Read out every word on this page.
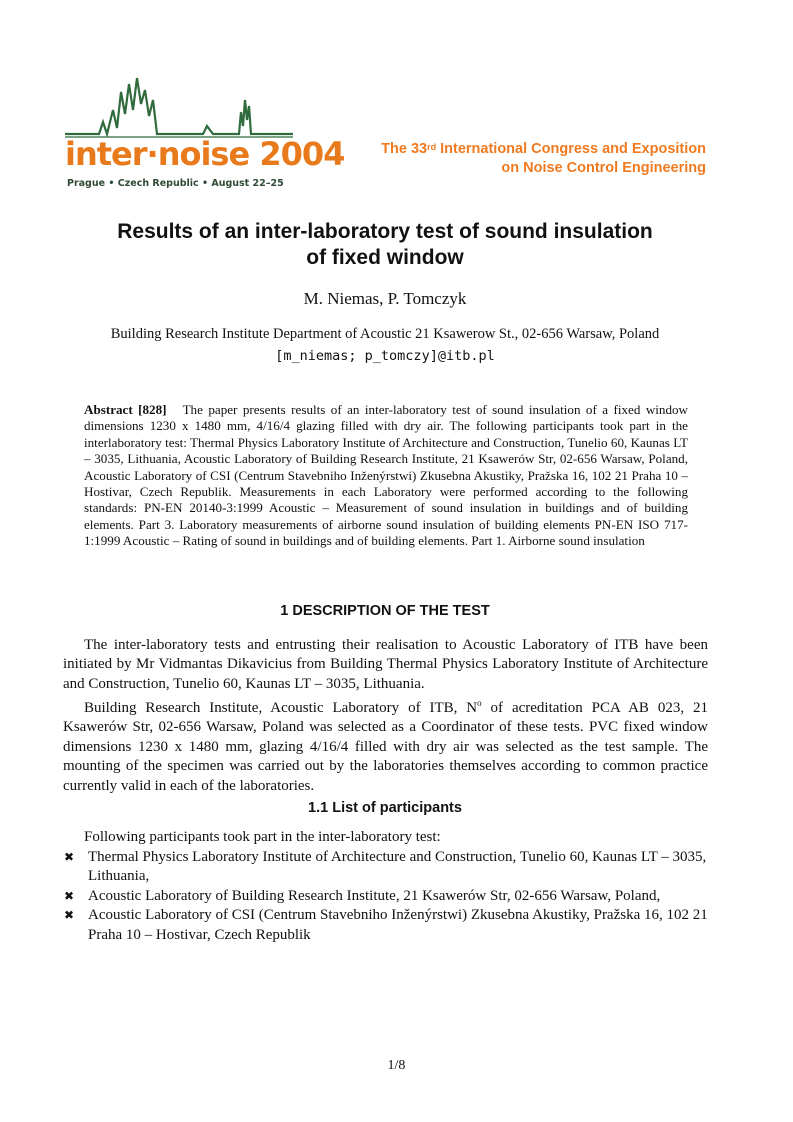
inter·noise 2004
Prague • Czech Republic • August 22–25
The 33rd International Congress and Exposition
on Noise Control Engineering
Results of an inter-laboratory test of sound insulation
of fixed window
M. Niemas, P. Tomczyk
Building Research Institute Department of Acoustic 21 Ksawerow St., 02-656 Warsaw, Poland
[m_niemas; p_tomczy]@itb.pl
Abstract [828] The paper presents results of an inter-laboratory test of sound insulation of a fixed window dimensions 1230 x 1480 mm, 4/16/4 glazing filled with dry air. The following participants took part in the interlaboratory test: Thermal Physics Laboratory Institute of Architecture and Construction, Tunelio 60, Kaunas LT – 3035, Lithuania, Acoustic Laboratory of Building Research Institute, 21 Ksawerów Str, 02-656 Warsaw, Poland, Acoustic Laboratory of CSI (Centrum Stavebniho Inženýrstwi) Zkusebna Akustiky, Pražska 16, 102 21 Praha 10 – Hostivar, Czech Republik. Measurements in each Laboratory were performed according to the following standards: PN-EN 20140-3:1999 Acoustic – Measurement of sound insulation in buildings and of building elements. Part 3. Laboratory measurements of airborne sound insulation of building elements PN-EN ISO 717-1:1999 Acoustic – Rating of sound in buildings and of building elements. Part 1. Airborne sound insulation
1 DESCRIPTION OF THE TEST

The inter-laboratory tests and entrusting their realisation to Acoustic Laboratory of ITB have been initiated by Mr Vidmantas Dikavicius from Building Thermal Physics Laboratory Institute of Architecture and Construction, Tunelio 60, Kaunas LT – 3035, Lithuania.

Building Research Institute, Acoustic Laboratory of ITB, $N^o$ of acreditation PCA AB 023, 21 Ksawerów Str, 02-656 Warsaw, Poland was selected as a Coordinator of these tests. PVC fixed window dimensions 1230 x 1480 mm, glazing 4/16/4 filled with dry air was selected as the test sample. The mounting of the specimen was carried out by the laboratories themselves according to common practice currently valid in each of the laboratories.

1.1 List of participants
Following participants took part in the inter-laboratory test:
✖ Thermal Physics Laboratory Institute of Architecture and Construction, Tunelio 60, Kaunas LT – 3035, Lithuania,
✖ Acoustic Laboratory of Building Research Institute, 21 Ksawerów Str, 02-656 Warsaw, Poland,
✖ Acoustic Laboratory of CSI (Centrum Stavebniho Inženýrstwi) Zkusebna Akustiky, Pražska 16, 102 21 Praha 10 – Hostivar, Czech Republik
1/8
